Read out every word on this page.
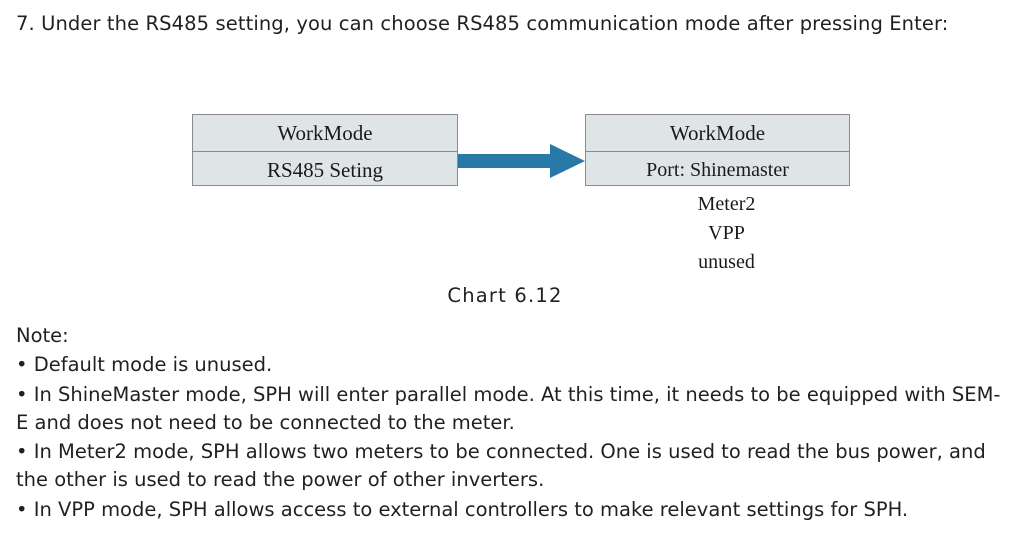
7. Under the RS485 setting, you can choose RS485 communication mode after pressing Enter:
WorkMode
RS485 Seting
WorkMode
Port: Shinemaster
Meter2
VPP
unused
Chart 6.12

Note:

• Default mode is unused.

• In ShineMaster mode, SPH will enter parallel mode. At this time, it needs to be equipped with SEM-E and does not need to be connected to the meter.

• In Meter2 mode, SPH allows two meters to be connected. One is used to read the bus power, and the other is used to read the power of other inverters.

• In VPP mode, SPH allows access to external controllers to make relevant settings for SPH.
